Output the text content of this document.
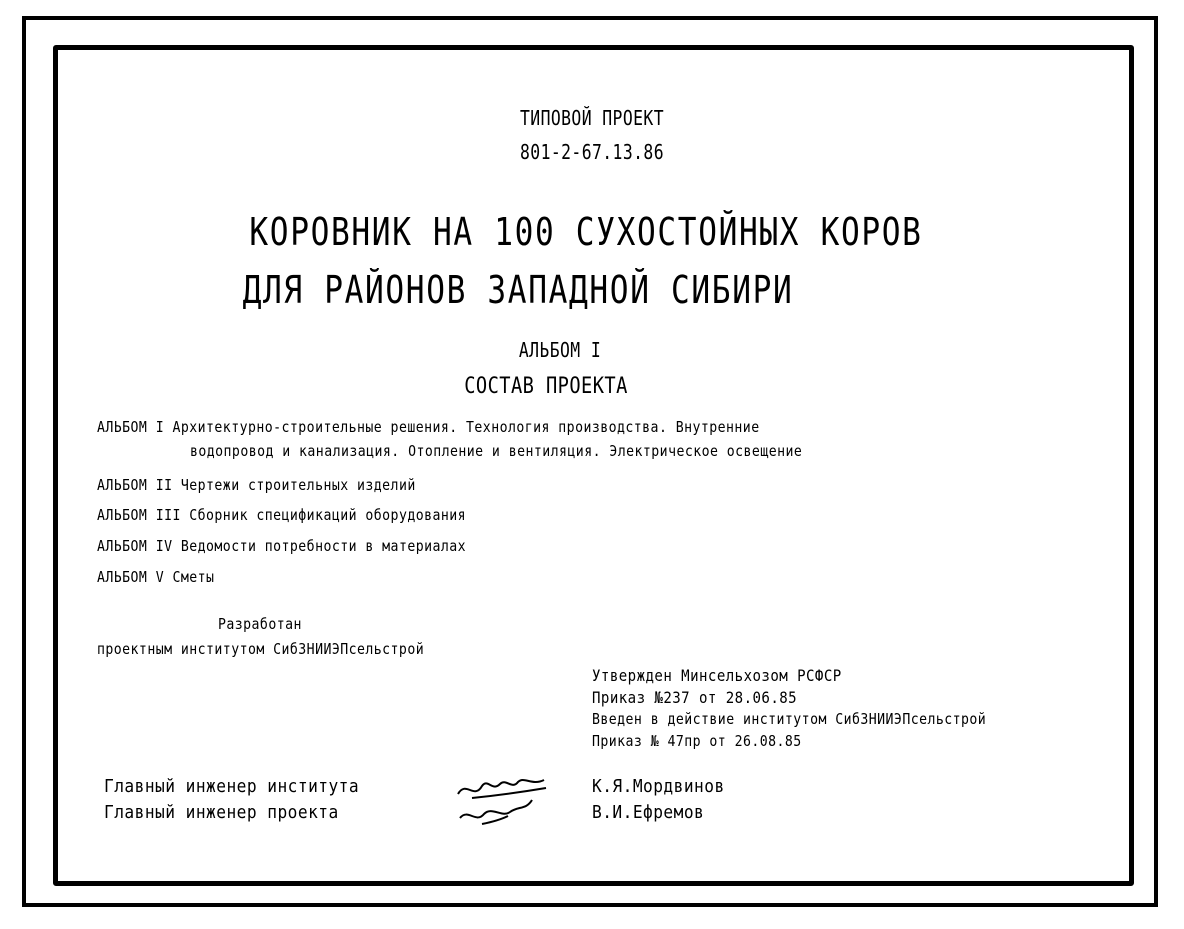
ТИПОВОЙ ПРОЕКТ
801-2-67.13.86
КОРОВНИК НА 100 СУХОСТОЙНЫХ КОРОВ
ДЛЯ РАЙОНОВ ЗАПАДНОЙ СИБИРИ
АЛЬБОМ I
СОСТАВ ПРОЕКТА
АЛЬБОМ I Архитектурно-строительные решения. Технология производства. Внутренние
водопровод и канализация. Отопление и вентиляция. Электрическое освещение
АЛЬБОМ II Чертежи строительных изделий
АЛЬБОМ III Сборник спецификаций оборудования
АЛЬБОМ IV Ведомости потребности в материалах
АЛЬБОМ V Сметы
Разработан
проектным институтом СибЗНИИЭПсельстрой
Утвержден Минсельхозом РСФСР
Приказ №237 от 28.06.85
Введен в действие институтом СибЗНИИЭПсельстрой
Приказ № 47пр от 26.08.85
Главный инженер института
Главный инженер проекта
К.Я.Мордвинов
В.И.Ефремов
